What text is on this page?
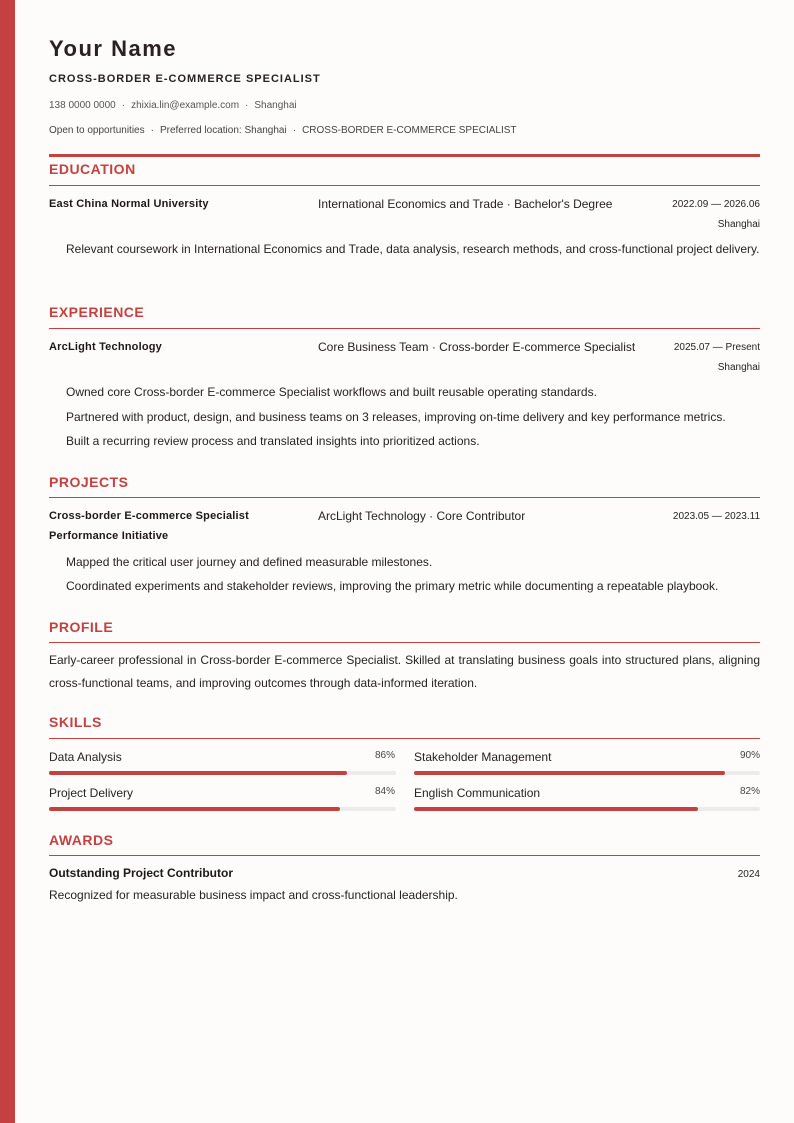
Your Name
CROSS-BORDER E-COMMERCE SPECIALIST
138 0000 0000 · zhixia.lin@example.com · Shanghai
Open to opportunities · Preferred location: Shanghai · CROSS-BORDER E-COMMERCE SPECIALIST
EDUCATION
East China Normal University	International Economics and Trade · Bachelor's Degree	2022.09 — 2026.06
Shanghai
Relevant coursework in International Economics and Trade, data analysis, research methods, and cross-functional project delivery.
EXPERIENCE
ArcLight Technology	Core Business Team · Cross-border E-commerce Specialist	2025.07 — Present
Shanghai
Owned core Cross-border E-commerce Specialist workflows and built reusable operating standards.
Partnered with product, design, and business teams on 3 releases, improving on-time delivery and key performance metrics.
Built a recurring review process and translated insights into prioritized actions.
PROJECTS
Cross-border E-commerce Specialist
Performance Initiative
ArcLight Technology · Core Contributor	2023.05 — 2023.11
Mapped the critical user journey and defined measurable milestones.
Coordinated experiments and stakeholder reviews, improving the primary metric while documenting a repeatable playbook.
PROFILE
Early-career professional in Cross-border E-commerce Specialist. Skilled at translating business goals into structured plans, aligning cross-functional teams, and improving outcomes through data-informed iteration.
SKILLS
Data Analysis	86% Stakeholder Management	90%
Project Delivery	84% English Communication	82%
AWARDS
Outstanding Project Contributor	2024
Recognized for measurable business impact and cross-functional leadership.
